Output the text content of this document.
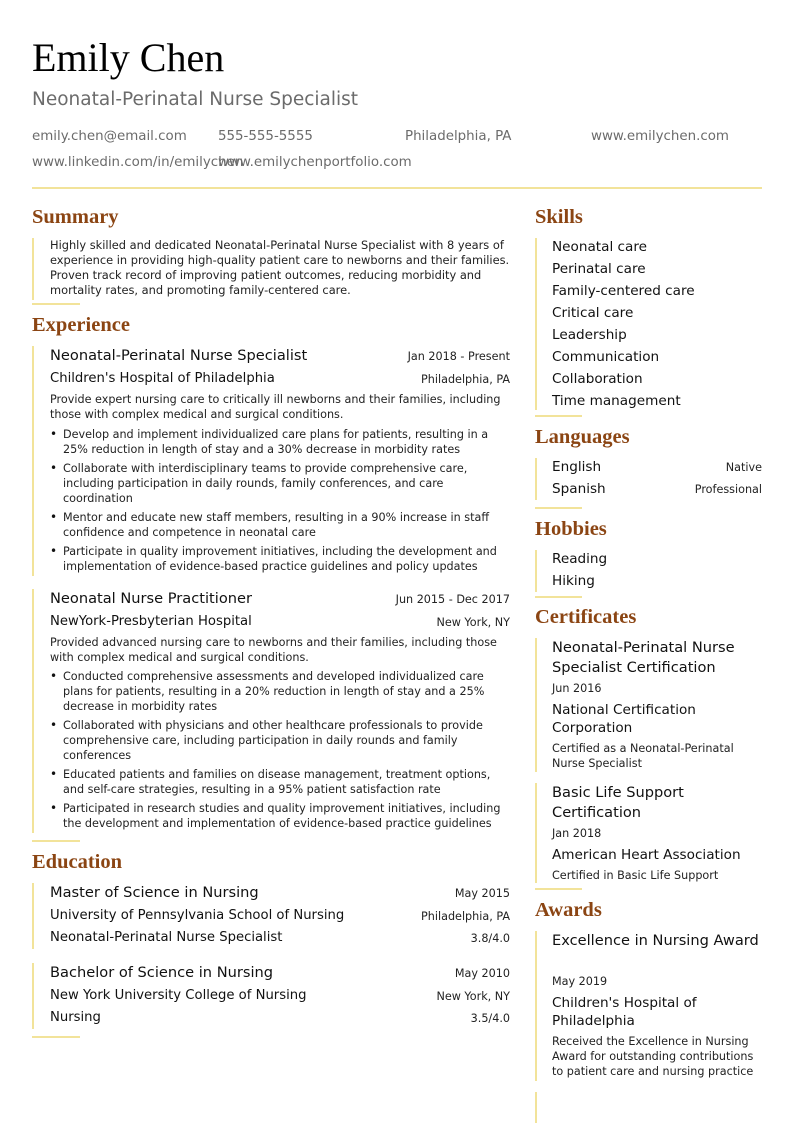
Emily Chen
Neonatal-Perinatal Nurse Specialist
emily.chen@email.com 555-555-5555	Philadelphia, PA	www.emilychen.com
www.linkedin.com/in/emilychen
www.emilychenportfolio.com
Summary
Highly skilled and dedicated Neonatal-Perinatal Nurse Specialist with 8 years of experience in providing high-quality patient care to newborns and their families. Proven track record of improving patient outcomes, reducing morbidity and mortality rates, and promoting family-centered care.
Experience
Neonatal-Perinatal Nurse Specialist	Jan 2018 - Present
Children's Hospital of Philadelphia	Philadelphia, PA
Provide expert nursing care to critically ill newborns and their families, including those with complex medical and surgical conditions.
• Develop and implement individualized care plans for patients, resulting in a 25% reduction in length of stay and a 30% decrease in morbidity rates
• Collaborate with interdisciplinary teams to provide comprehensive care, including participation in daily rounds, family conferences, and care coordination
• Mentor and educate new staff members, resulting in a 90% increase in staff confidence and competence in neonatal care
• Participate in quality improvement initiatives, including the development and implementation of evidence-based practice guidelines and policy updates
Neonatal Nurse Practitioner	Jun 2015 - Dec 2017
NewYork-Presbyterian Hospital	New York, NY
Provided advanced nursing care to newborns and their families, including those with complex medical and surgical conditions.
• Conducted comprehensive assessments and developed individualized care plans for patients, resulting in a 20% reduction in length of stay and a 25% decrease in morbidity rates
• Collaborated with physicians and other healthcare professionals to provide comprehensive care, including participation in daily rounds and family conferences
• Educated patients and families on disease management, treatment options, and self-care strategies, resulting in a 95% patient satisfaction rate
• Participated in research studies and quality improvement initiatives, including the development and implementation of evidence-based practice guidelines
Education
Master of Science in Nursing	May 2015
University of Pennsylvania School of Nursing	Philadelphia, PA
Neonatal-Perinatal Nurse Specialist	3.8/4.0
Bachelor of Science in Nursing	May 2010
New York University College of Nursing	New York, NY
Nursing	3.5/4.0
Skills
Neonatal care
Perinatal care
Family-centered care
Critical care
Leadership
Communication
Collaboration
Time management
Languages
English	Native
Spanish	Professional
Hobbies
Reading
Hiking
Certificates
Neonatal-Perinatal Nurse Specialist Certification
Jun 2016
National Certification Corporation
Certified as a Neonatal-Perinatal Nurse Specialist
Basic Life Support Certification
Jan 2018
American Heart Association
Certified in Basic Life Support
Awards
Excellence in Nursing Award
May 2019
Children's Hospital of Philadelphia
Received the Excellence in Nursing Award for outstanding contributions to patient care and nursing practice
